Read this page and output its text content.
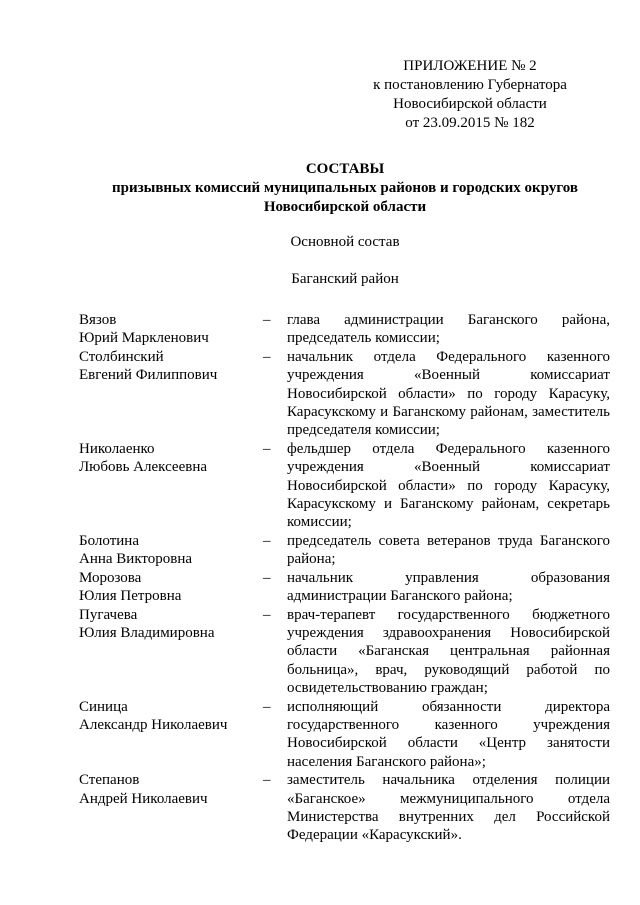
ПРИЛОЖЕНИЕ № 2
к постановлению Губернатора
Новосибирской области
от 23.09.2015 № 182
СОСТАВЫ
призывных комиссий муниципальных районов и городских округов
Новосибирской области
Основной состав
Баганский район
Вязов
Юрий Маркленович
–	глава администрации Баганского района, председатель комиссии;
Столбинский
Евгений Филиппович
–	начальник отдела Федерального казенного учреждения «Военный комиссариат Новосибирской области» по городу Карасуку, Карасукскому и Баганскому районам, заместитель председателя комиссии;
Николаенко
Любовь Алексеевна
–	фельдшер отдела Федерального казенного учреждения «Военный комиссариат Новосибирской области» по городу Карасуку, Карасукскому и Баганскому районам, секретарь комиссии;
Болотина
Анна Викторовна
–	председатель совета ветеранов труда Баганского района;
Морозова
Юлия Петровна
–	начальник управления образования администрации Баганского района;
Пугачева
Юлия Владимировна
–	врач-терапевт государственного бюджетного учреждения здравоохранения Новосибирской области «Баганская центральная районная больница», врач, руководящий работой по освидетельствованию граждан;
Синица
Александр Николаевич
–	исполняющий обязанности директора государственного казенного учреждения Новосибирской области «Центр занятости населения Баганского района»;
Степанов
Андрей Николаевич
–	заместитель начальника отделения полиции «Баганское» межмуниципального отдела Министерства внутренних дел Российской Федерации «Карасукский».
